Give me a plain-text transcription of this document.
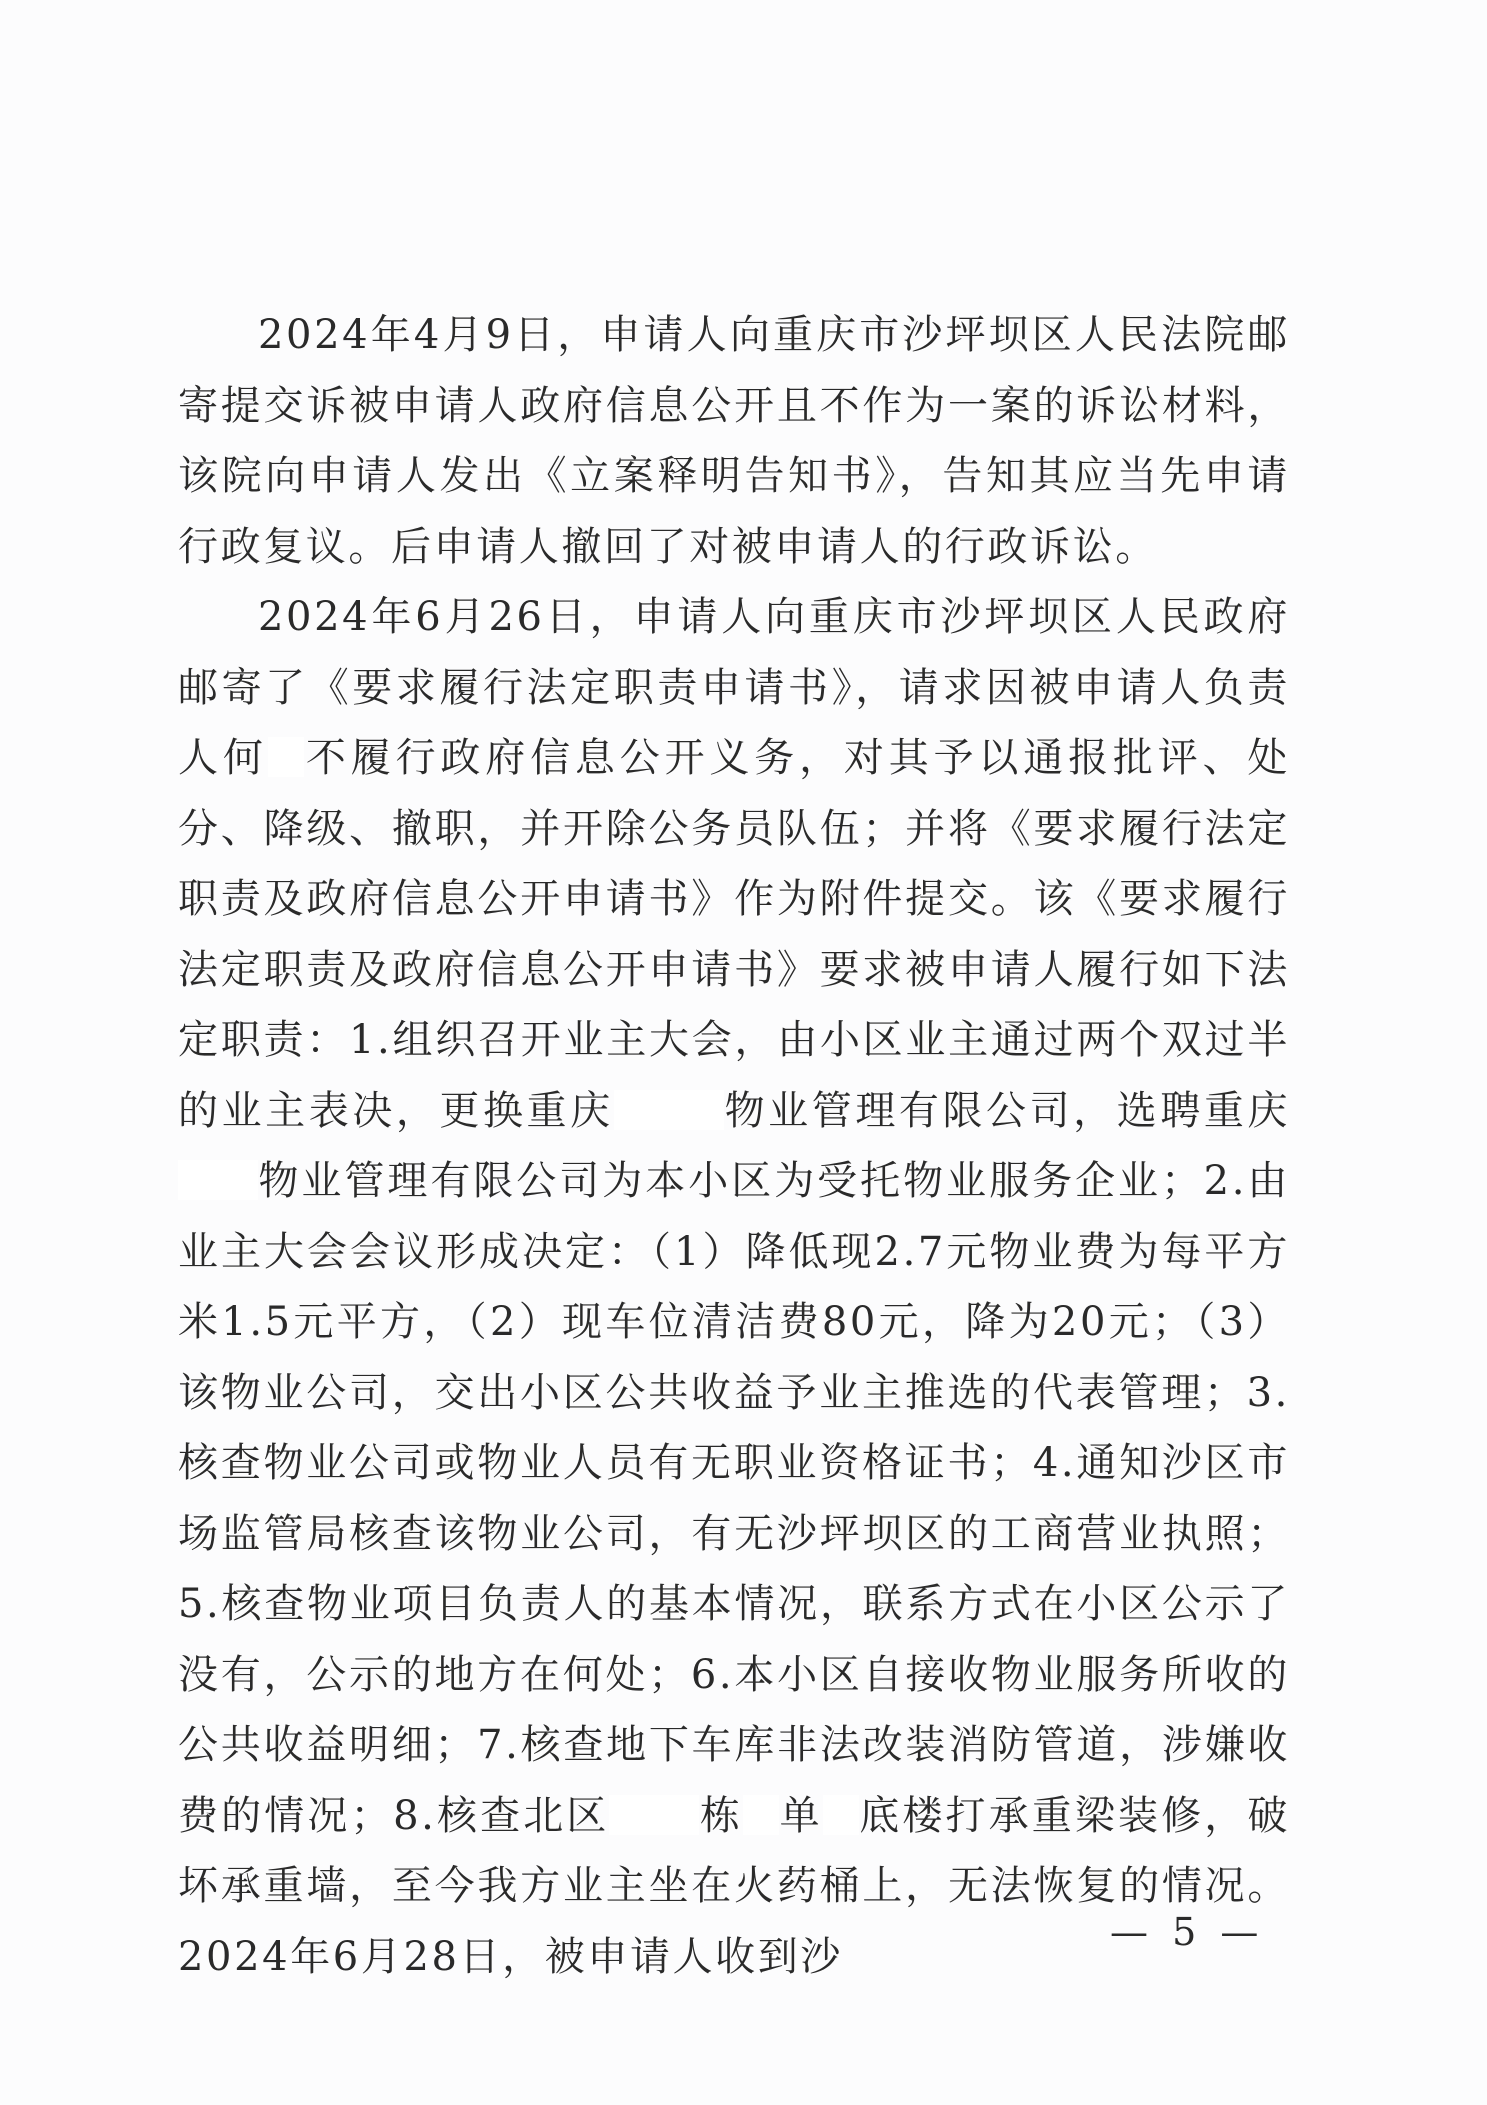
2024年4月9日，申请人向重庆市沙坪坝区人民法院邮寄提交诉被申请人政府信息公开且不作为一案的诉讼材料，该院向申请人发出《立案释明告知书》，告知其应当先申请行政复议。后申请人撤回了对被申请人的行政诉讼。

2024年6月26日，申请人向重庆市沙坪坝区人民政府邮寄了《要求履行法定职责申请书》，请求因被申请人负责人何 不履行政府信息公开义务，对其予以通报批评、处分、降级、撤职，并开除公务员队伍；并将《要求履行法定职责及政府信息公开申请书》作为附件提交。该《要求履行法定职责及政府信息公开申请书》要求被申请人履行如下法定职责：1.组织召开业主大会，由小区业主通过两个双过半的业主表决，更换重庆	物业管理有限公司，选聘重庆物业管理有限公司为本小区为受托物业服务企业；2.由业主大会会议形成决定：（1）降低现2.7元物业费为每平方米1.5元平方，（2）现车位清洁费80元，降为20元；（3）该物业公司，交出小区公共收益予业主推选的代表管理；3.核查物业公司或物业人员有无职业资格证书；4.通知沙区市场监管局核查该物业公司，有无沙坪坝区的工商营业执照；5.核查物业项目负责人的基本情况，联系方式在小区公示了没有，公示的地方在何处；6.本小区自接收物业服务所收的公共收益明细；7.核查地下车库非法改装消防管道，涉嫌收费的情况；8.核查北区 栋 单 底楼打承重梁装修，破坏承重墙，至今我方业主坐在火药桶上，无法恢复的情况。2024年6月28日，被申请人收到沙

— 5 —
